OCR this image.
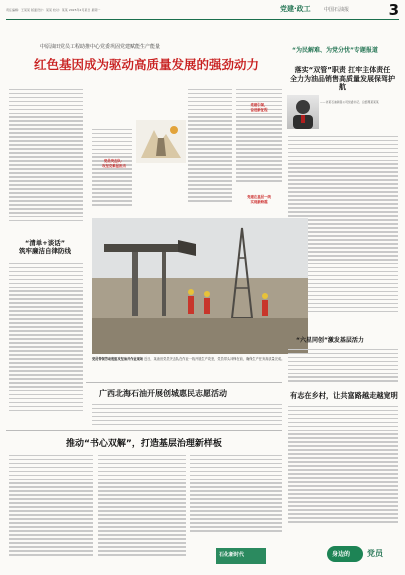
责任编辑：王某某 版面设计：某某 校对：某某 2025年2月某日 星期一	党建·政工	中国石油报	3
中原油田党员工程助推中心党委巩固党建赋能生产能量
红色基因成为驱动高质量发展的强劲动力
“为民解难、为党分忧”专题报道
落实“双管”职责 扛牢主体责任
全力为油品销售高质量发展保驾护航
——访某石油销售公司党委书记、总经理某某某
党员突击队：
攻坚克难显担当
党建引领，
奋进新征程
党建在基层一线
实现新跨越
“清单+谈话”
筑牢廉洁自律防线
党员带领劳动班组攻坚油井作业现场 近日，某油田党员突击队在作业一线开展生产攻坚，党员带头冲锋在前，确保生产任务高质量完成。
“六星同创”激发基层活力
有志在乡村，让共富路越走越宽明
广西北海石油开展创城惠民志愿活动
推动“书心双解”，打造基层治理新样板
石化新时代	身边的 党员
